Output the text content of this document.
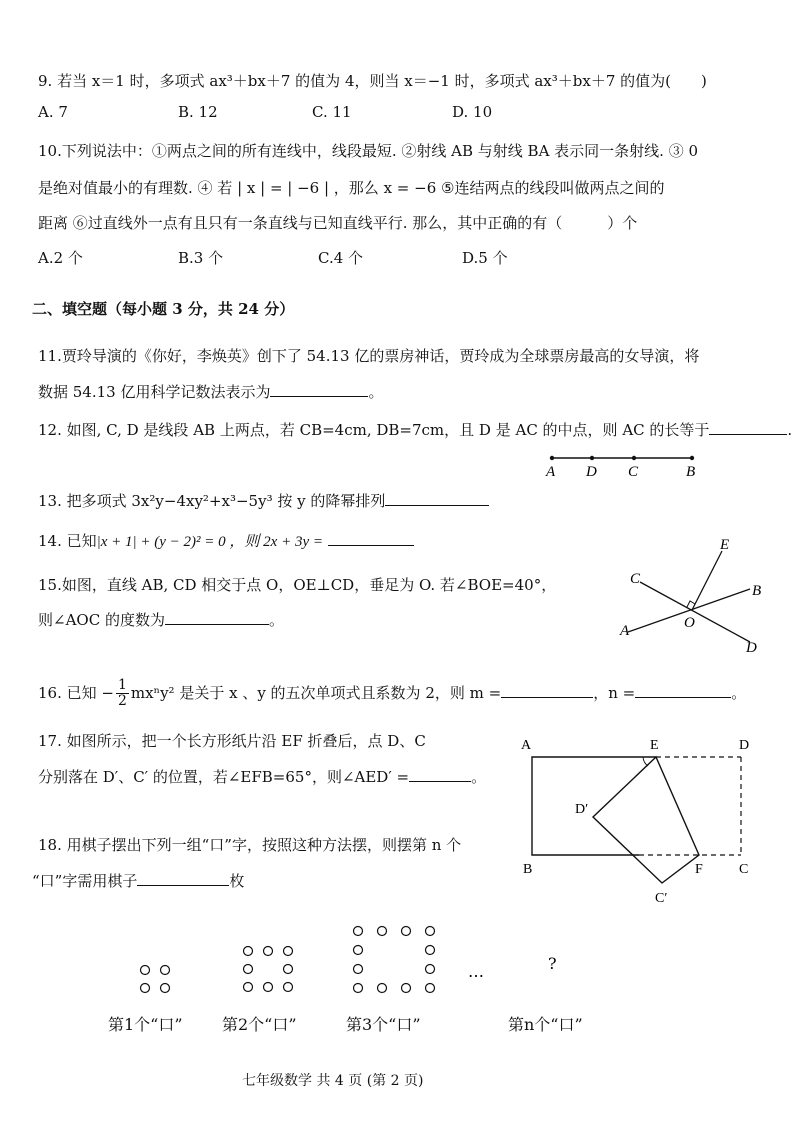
9. 若当 x＝1 时，多项式 ax³＋bx＋7 的值为 4，则当 x＝−1 时，多项式 ax³＋bx＋7 的值为(　　)
A. 7	B. 12	C. 11	D. 10
10.下列说法中：①两点之间的所有连线中，线段最短. ②射线 AB 与射线 BA 表示同一条射线. ③ 0
是绝对值最小的有理数. ④ 若 | x | = | −6 | ，那么 x = −6 ⑤连结两点的线段叫做两点之间的
距离 ⑥过直线外一点有且只有一条直线与已知直线平行. 那么，其中正确的有（　　　）个
A.2 个	B.3 个	C.4 个	D.5 个
二、填空题（每小题 3 分，共 24 分）
11.贾玲导演的《你好，李焕英》创下了 54.13 亿的票房神话，贾玲成为全球票房最高的女导演，将
数据 54.13 亿用科学记数法表示为	。
12. 如图, C, D 是线段 AB 上两点，若 CB=4cm, DB=7cm，且 D 是 AC 的中点，则 AC 的长等于	.
A D C	B
13. 把多项式 3x²y−4xy²+x³−5y³ 按 y 的降幂排列
14. 已知|x + 1| + (y − 2)² = 0 ，则 2x + 3y =
15.如图，直线 AB, CD 相交于点 O，OE⊥CD，垂足为 O. 若∠BOE=40°，
则∠AOC 的度数为	。
E
C
B
O
A
D
16. 已知 − $\frac{1}{2} mx^ny^2$ 是关于 x 、y 的五次单项式且系数为 2，则 m =	，n =	。
17. 如图所示，把一个长方形纸片沿 EF 折叠后，点 D、C
分别落在 D′、C′ 的位置，若∠EFB=65°，则∠AED′ =	。
A	E	D
D′
B	F	C
C′
18. 用棋子摆出下列一组“口”字，按照这种方法摆，则摆第 n 个
“口”字需用棋子	枚
…	?
第1个“口” 第2个“口”	第3个“口”	第n个“口”
七年级数学 共 4 页 (第 2 页)
